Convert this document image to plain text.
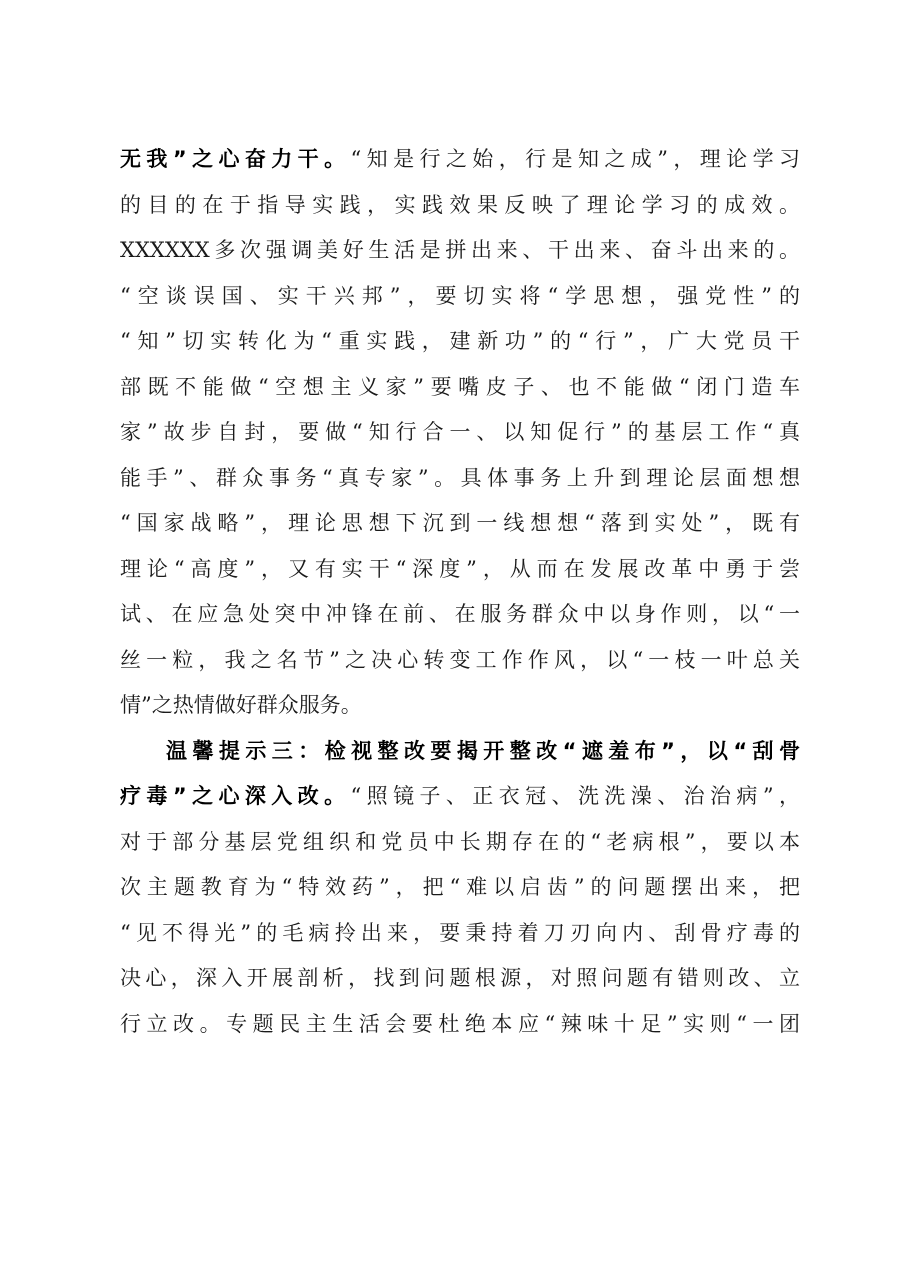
无我”之心奋力干。“知是行之始，行是知之成”，理论学习
的目的在于指导实践，实践效果反映了理论学习的成效。
XXXXXX多次强调美好生活是拼出来、干出来、奋斗出来的。
“空谈误国、实干兴邦”，要切实将“学思想，强党性”的
“知”切实转化为“重实践，建新功”的“行”，广大党员干
部既不能做“空想主义家”要嘴皮子、也不能做“闭门造车
家”故步自封，要做“知行合一、以知促行”的基层工作“真
能手”、群众事务“真专家”。具体事务上升到理论层面想想
“国家战略”，理论思想下沉到一线想想“落到实处”，既有
理论“高度”，又有实干“深度”，从而在发展改革中勇于尝
试、在应急处突中冲锋在前、在服务群众中以身作则，以“一
丝一粒，我之名节”之决心转变工作作风，以“一枝一叶总关
情”之热情做好群众服务。
温馨提示三：检视整改要揭开整改“遮羞布”，以“刮骨
疗毒”之心深入改。“照镜子、正衣冠、洗洗澡、治治病”，
对于部分基层党组织和党员中长期存在的“老病根”，要以本
次主题教育为“特效药”，把“难以启齿”的问题摆出来，把
“见不得光”的毛病拎出来，要秉持着刀刃向内、刮骨疗毒的
决心，深入开展剖析，找到问题根源，对照问题有错则改、立
行立改。专题民主生活会要杜绝本应“辣味十足”实则“一团
